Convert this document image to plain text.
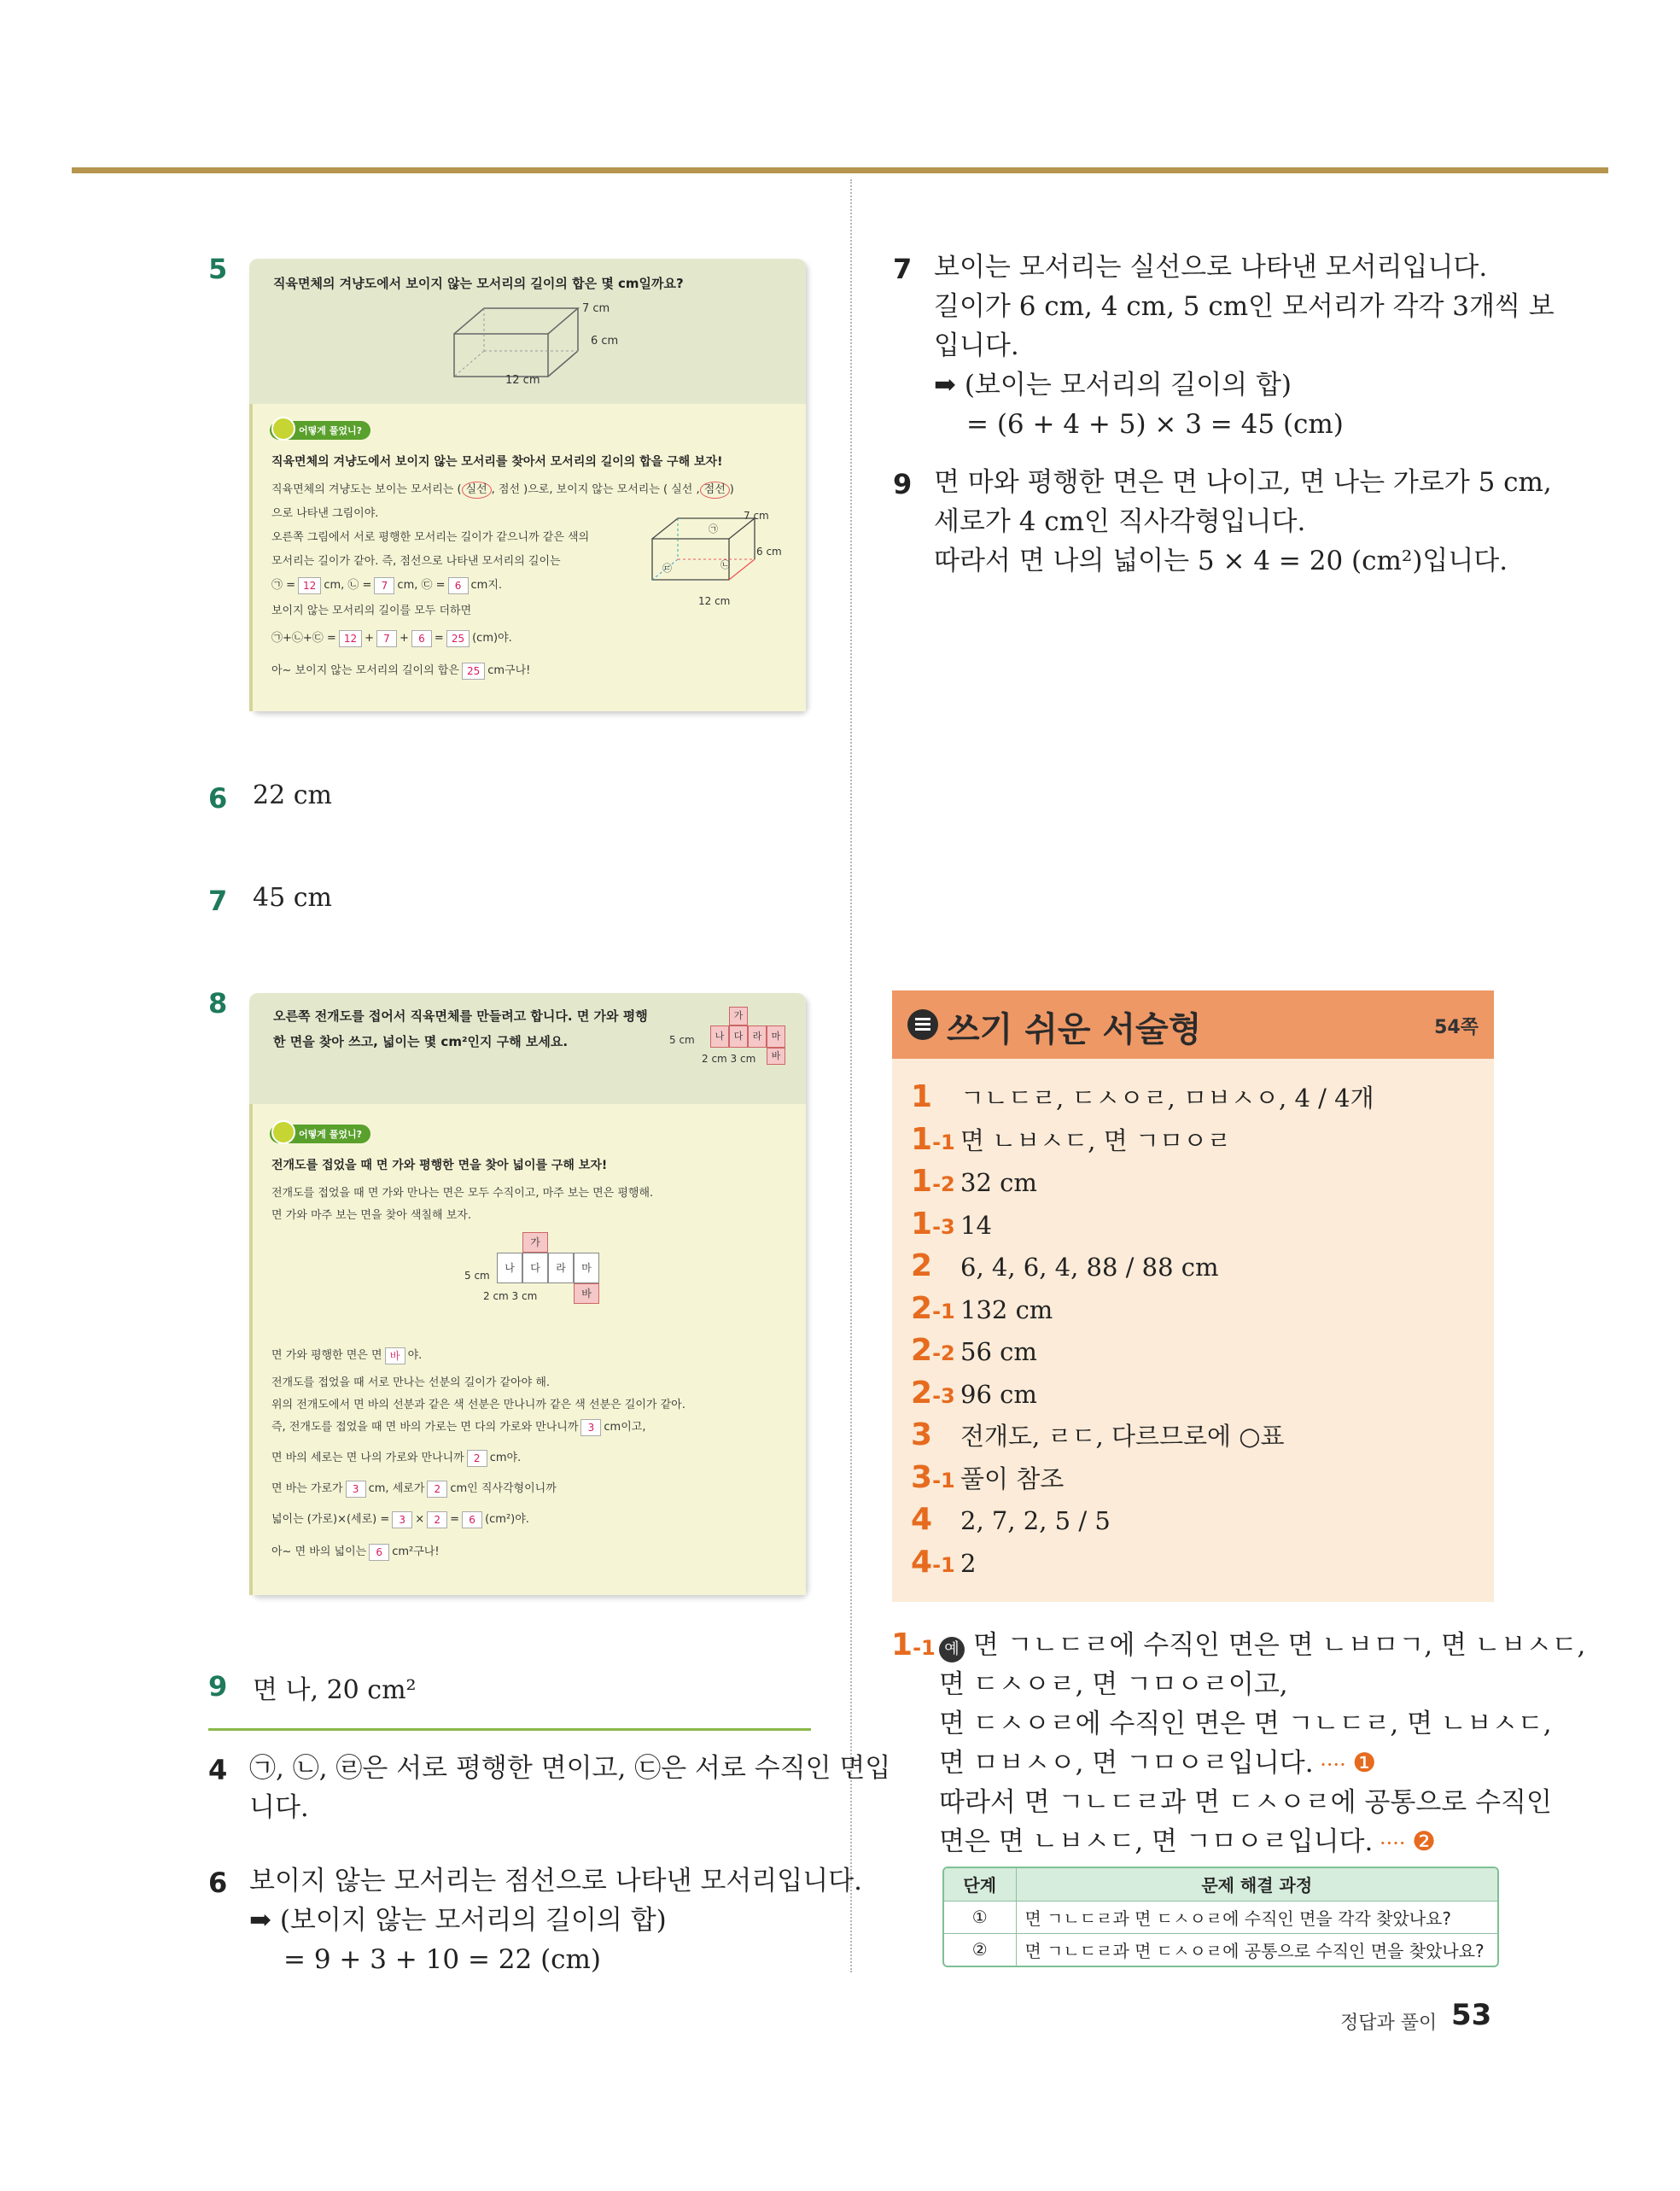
5	직육면체의 겨냥도에서 보이지 않는 모서리의 길이의 합은 몇 cm일까요?
7 cm
6 cm
12 cm
어떻게 풀었니?
직육면체의 겨냥도에서 보이지 않는 모서리를 찾아서 모서리의 길이의 합을 구해 보자!
직육면체의 겨냥도는 보이는 모서리는 ( 실선 , 점선 )으로, 보이지 않는 모서리는 ( 실선 , 점선 )
으로 나타낸 그림이야.
오른쪽 그림에서 서로 평행한 모서리는 길이가 같으니까 같은 색의
모서리는 길이가 같아. 즉, 점선으로 나타낸 모서리의 길이는
㉠ = 12 cm, ㉡ = 7 cm, ㉢ = 6 cm지.
보이지 않는 모서리의 길이를 모두 더하면
㉠+㉡+㉢ = 12 + 7 + 6 = 25 (cm)야.
아~ 보이지 않는 모서리의 길이의 합은 25 cm구나!
7 cm
6 cm
12 cm
㉠
㉡
㉢
6 22 cm
7 45 cm
8	오른쪽 전개도를 접어서 직육면체를 만들려고 합니다. 면 가와 평행
한 면을 찾아 쓰고, 넓이는 몇 cm²인지 구해 보세요.	5 cm
가
나	다	라	마
바
2 cm 3 cm
어떻게 풀었니?
전개도를 접었을 때 면 가와 평행한 면을 찾아 넓이를 구해 보자!
전개도를 접었을 때 면 가와 만나는 면은 모두 수직이고, 마주 보는 면은 평행해.
면 가와 마주 보는 면을 찾아 색칠해 보자.
5 cm
가
나	다	라	마
바
2 cm 3 cm
면 가와 평행한 면은 면 바 야.
전개도를 접었을 때 서로 만나는 선분의 길이가 같아야 해.
위의 전개도에서 면 바의 선분과 같은 색 선분은 만나니까 같은 색 선분은 길이가 같아.
즉, 전개도를 접었을 때 면 바의 가로는 면 다의 가로와 만나니까 3 cm이고,
면 바의 세로는 면 나의 가로와 만나니까 2 cm야.
면 바는 가로가 3 cm, 세로가 2 cm인 직사각형이니까
넓이는 (가로)×(세로) = 3 × 2 = 6 (cm²)야.
아~ 면 바의 넓이는 6 cm²구나!
9 면 나, 20 cm²
4 ㉠, ㉡, ㉣은 서로 평행한 면이고, ㉢은 서로 수직인 면입
니다.
6 보이지 않는 모서리는 점선으로 나타낸 모서리입니다.
➡ (보이지 않는 모서리의 길이의 합)
= 9 + 3 + 10 = 22 (cm)
7 보이는 모서리는 실선으로 나타낸 모서리입니다.
길이가 6 cm, 4 cm, 5 cm인 모서리가 각각 3개씩 보
입니다.
➡ (보이는 모서리의 길이의 합)
= (6 + 4 + 5) × 3 = 45 (cm)
9 면 마와 평행한 면은 면 나이고, 면 나는 가로가 5 cm,
세로가 4 cm인 직사각형입니다.
따라서 면 나의 넓이는 5 × 4 = 20 (cm²)입니다.
쓰기 쉬운 서술형	54쪽
1 ㄱㄴㄷㄹ, ㄷㅅㅇㄹ, ㅁㅂㅅㅇ, 4 / 4개
1-1 면 ㄴㅂㅅㄷ, 면 ㄱㅁㅇㄹ
1-2 32 cm
1-3 14
2 6, 4, 6, 4, 88 / 88 cm
2-1 132 cm
2-2 56 cm
2-3 96 cm
3 전개도, ㄹㄷ, 다르므로에 ○표
3-1 풀이 참조
4 2, 7, 2, 5 / 5
4-1 2
1-1 예 면 ㄱㄴㄷㄹ에 수직인 면은 면 ㄴㅂㅁㄱ, 면 ㄴㅂㅅㄷ,
면 ㄷㅅㅇㄹ, 면 ㄱㅁㅇㄹ이고,
면 ㄷㅅㅇㄹ에 수직인 면은 면 ㄱㄴㄷㄹ, 면 ㄴㅂㅅㄷ,
면 ㅁㅂㅅㅇ, 면 ㄱㅁㅇㄹ입니다. ···· ❶
따라서 면 ㄱㄴㄷㄹ과 면 ㄷㅅㅇㄹ에 공통으로 수직인
면은 면 ㄴㅂㅅㄷ, 면 ㄱㅁㅇㄹ입니다. ···· ❷
단계	문제 해결 과정
①	면 ㄱㄴㄷㄹ과 면 ㄷㅅㅇㄹ에 수직인 면을 각각 찾았나요?
②	면 ㄱㄴㄷㄹ과 면 ㄷㅅㅇㄹ에 공통으로 수직인 면을 찾았나요?
정답과 풀이 53
